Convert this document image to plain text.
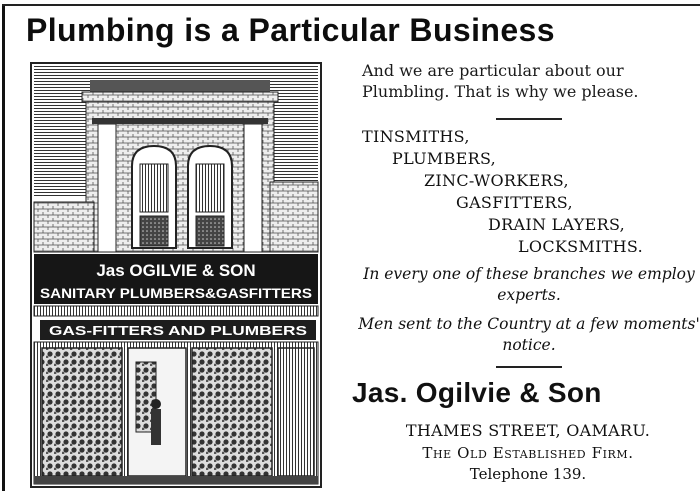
Plumbing is a Particular Business
Jas OGILVIE & SON
SANITARY PLUMBERS&GASFITTERS
GAS-FITTERS AND PLUMBERS
And we are particular about our Plumbling. That is why we please.
TINSMITHS,
PLUMBERS,
ZINC-WORKERS,
GASFITTERS,
DRAIN LAYERS,
LOCKSMITHS.
In every one of these branches we employ experts.
Men sent to the Country at a few moments' notice.
Jas. Ogilvie & Son
THAMES STREET, OAMARU.
The Old Established Firm.
Telephone 139.
